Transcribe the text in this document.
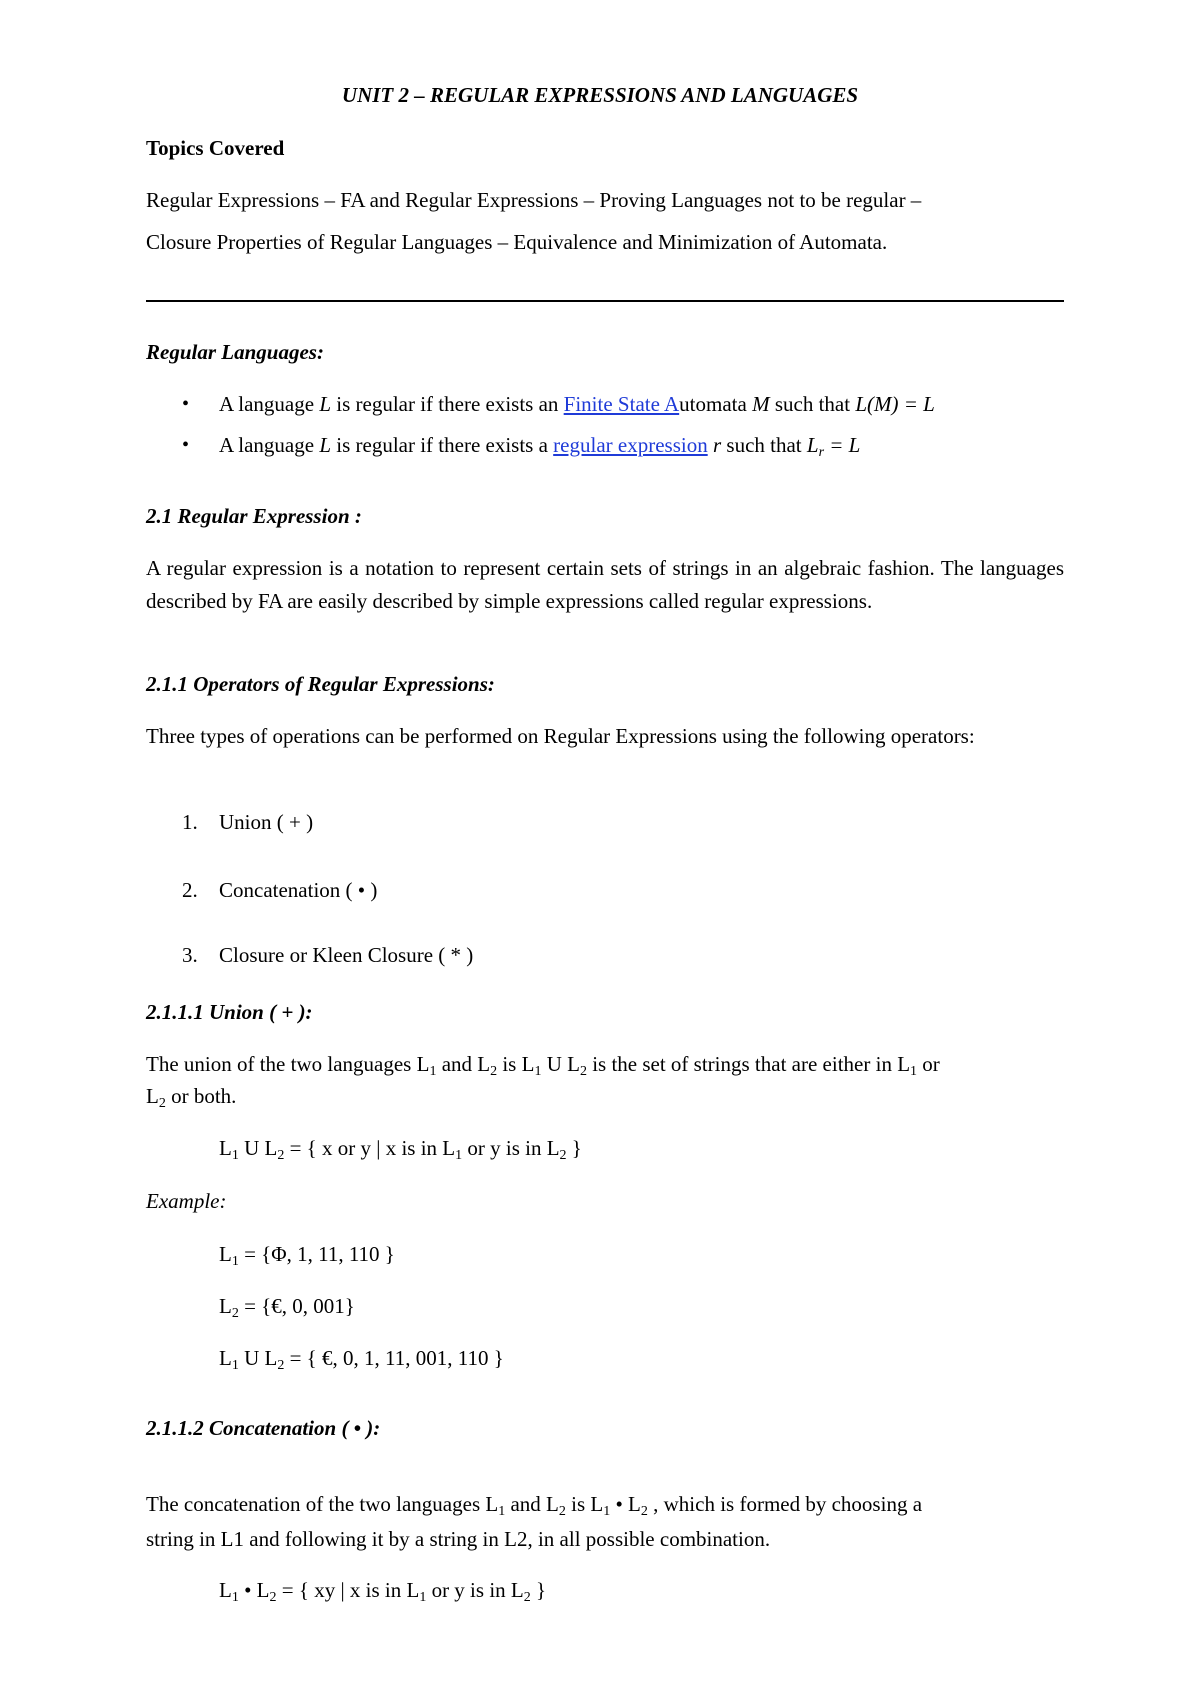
UNIT 2 – REGULAR EXPRESSIONS AND LANGUAGES
Topics Covered
Regular Expressions – FA and Regular Expressions – Proving Languages not to be regular –
Closure Properties of Regular Languages – Equivalence and Minimization of Automata.
Regular Languages:
• A language L is regular if there exists an Finite State Automata M such that L(M) = L
• A language L is regular if there exists a regular expression r such that $L_r = L$
2.1 Regular Expression :
A regular expression is a notation to represent certain sets of strings in an algebraic fashion. The languages described by FA are easily described by simple expressions called regular expressions.
2.1.1 Operators of Regular Expressions:
Three types of operations can be performed on Regular Expressions using the following operators:
1. Union ( + )
2. Concatenation ( • )
3. Closure or Kleen Closure ( * )
2.1.1.1 Union ( + ):
The union of the two languages $L_1$ and $L_2$ is $L_1$ U $L_2$ is the set of strings that are either in $L_1$ or
$L_2$ or both.
$L_1$ U $L_2$ = { x or y | x is in $L_1$ or y is in $L_2$ }
Example:
$L_1 = \{\Phi$, 1, 11, 110 }
$L_2$ = {€, 0, 001}
$L_1$ U $L_2$ = { €, 0, 1, 11, 001, 110 }
2.1.1.2 Concatenation ( • ):
The concatenation of the two languages $L_1$ and $L_2$ is $L_1$ • $L_2$ , which is formed by choosing a
string in L1 and following it by a string in L2, in all possible combination.
$L_1$ • $L_2$ = { xy | x is in $L_1$ or y is in $L_2$ }
